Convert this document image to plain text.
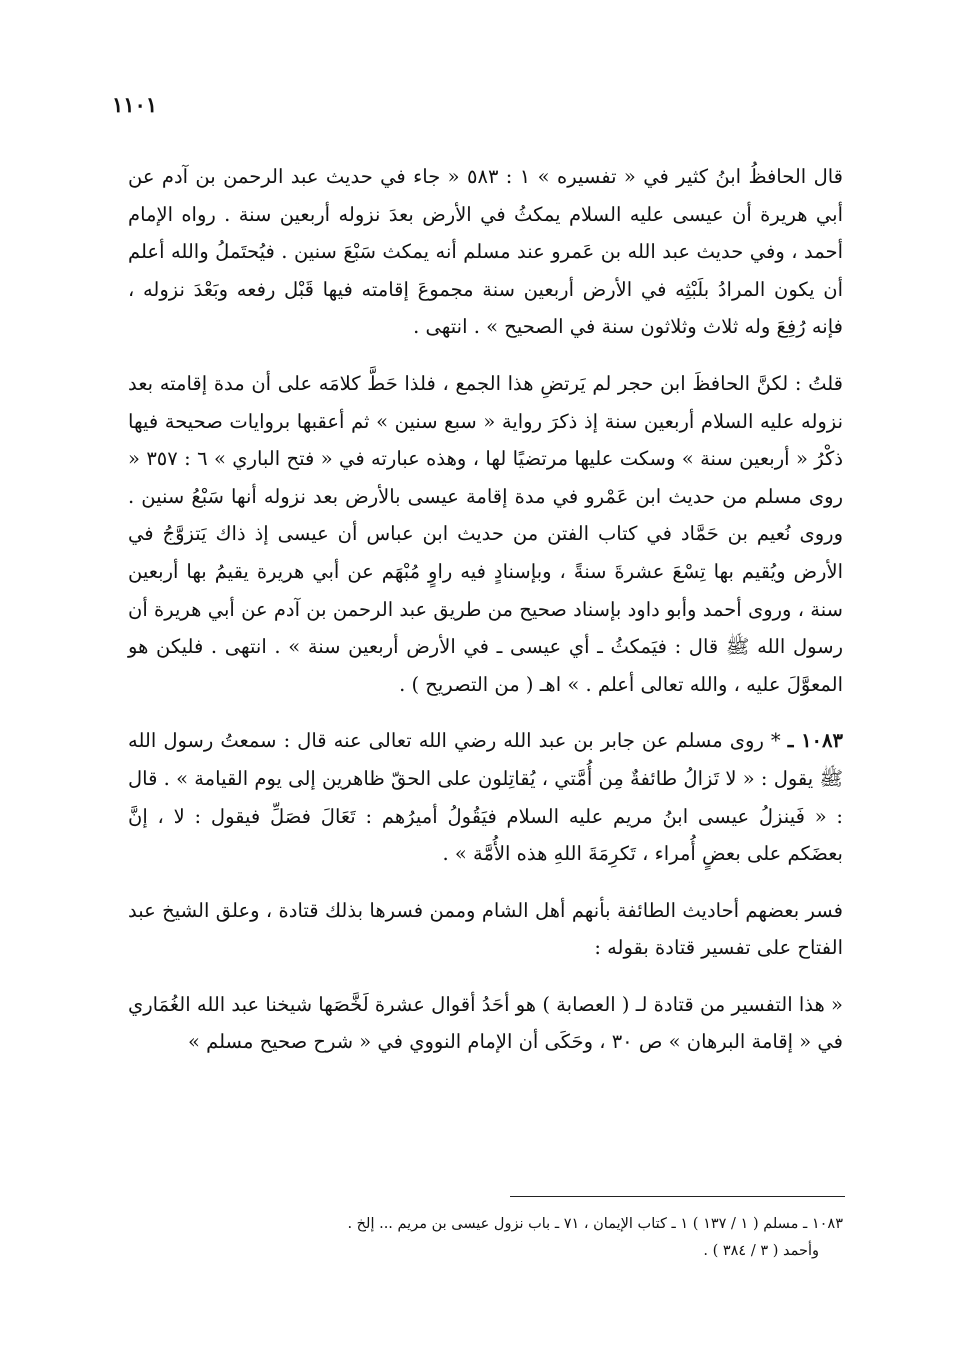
١١٠١

قال الحافظُ ابنُ كثير في « تفسيره » ١ : ٥٨٣ « جاء في حديث عبد الرحمن بن آدم عن أبي هريرة أن عيسى عليه السلام يمكثُ في الأرض بعدَ نزوله أربعين سنة . رواه الإمام أحمد ، وفي حديث عبد الله بن عَمرو عند مسلم أنه يمكث سَبْعَ سنين . فيُحتَملُ والله أعلم أن يكون المرادُ بلَبْثِه في الأرض أربعين سنة مجموعَ إقامته فيها قَبْل رفعه وبَعْدَ نزوله ، فإنه رُفِعَ وله ثلاث وثلاثون سنة في الصحيح » . انتهى .

قلتُ : لكنَّ الحافظَ ابن حجر لم يَرتضِ هذا الجمع ، فلذا حَطَّ كلامَه على أن مدة إقامته بعد نزوله عليه السلام أربعين سنة إذ ذكرَ رواية « سبع سنين » ثم أعقبها بروايات صحيحة فيها ذكْرُ « أربعين سنة » وسكت عليها مرتضيًا لها ، وهذه عبارته في « فتح الباري » ٦ : ٣٥٧ « روى مسلم من حديث ابن عَمْرو في مدة إقامة عيسى بالأرض بعد نزوله أنها سَبْعُ سنين . وروى نُعيم بن حَمَّاد في كتاب الفتن من حديث ابن عباس أن عيسى إذ ذاك يَتزوَّجُ في الأرض ويُقيم بها تِسْعَ عشرةَ سنةً ، وبإسنادٍ فيه راوٍ مُبْهَم عن أبي هريرة يقيمُ بها أربعين سنة ، وروى أحمد وأبو داود بإسناد صحيح من طريق عبد الرحمن بن آدم عن أبي هريرة أن رسول الله ﷺ قال : فيَمكثُ ـ أي عيسى ـ في الأرض أربعين سنة » . انتهى . فليكن هو المعوَّلَ عليه ، والله تعالى أعلم . » اهـ ( من التصريح ) .

١٠٨٣ ـ * روى مسلم عن جابر بن عبد الله رضي الله تعالى عنه قال : سمعتُ رسول الله ﷺ يقول : « لا تَزالُ طائفةٌ مِن أُمَّتي ، يُقاتِلون على الحقّ ظاهرين إلى يوم القيامة » . قال : « فَينزلُ عيسى ابنُ مريم عليه السلام فيَقُولُ أميرُهم : تَعَالَ فصَلِّ فيقول : لا ، إنَّ بعضَكم على بعضٍ أُمراء ، تَكرِمَةَ اللهِ هذه الأُمَّة » .

فسر بعضهم أحاديث الطائفة بأنهم أهل الشام وممن فسرها بذلك قتادة ، وعلق الشيخ عبد الفتاح على تفسير قتادة بقوله :

« هذا التفسير من قتادة لـ ( العصابة ) هو أحَدُ أقوال عشرة لَخَّصَها شيخنا عبد الله الغُمَاري في « إقامة البرهان » ص ٣٠ ، وحَكَى أن الإمام النووي في « شرح صحيح مسلم »

١٠٨٣ ـ مسلم ( ١ / ١٣٧ ) ١ ـ كتاب الإيمان ، ٧١ ـ باب نزول عيسى بن مريم ... إلخ .

وأحمد ( ٣ / ٣٨٤ ) .
